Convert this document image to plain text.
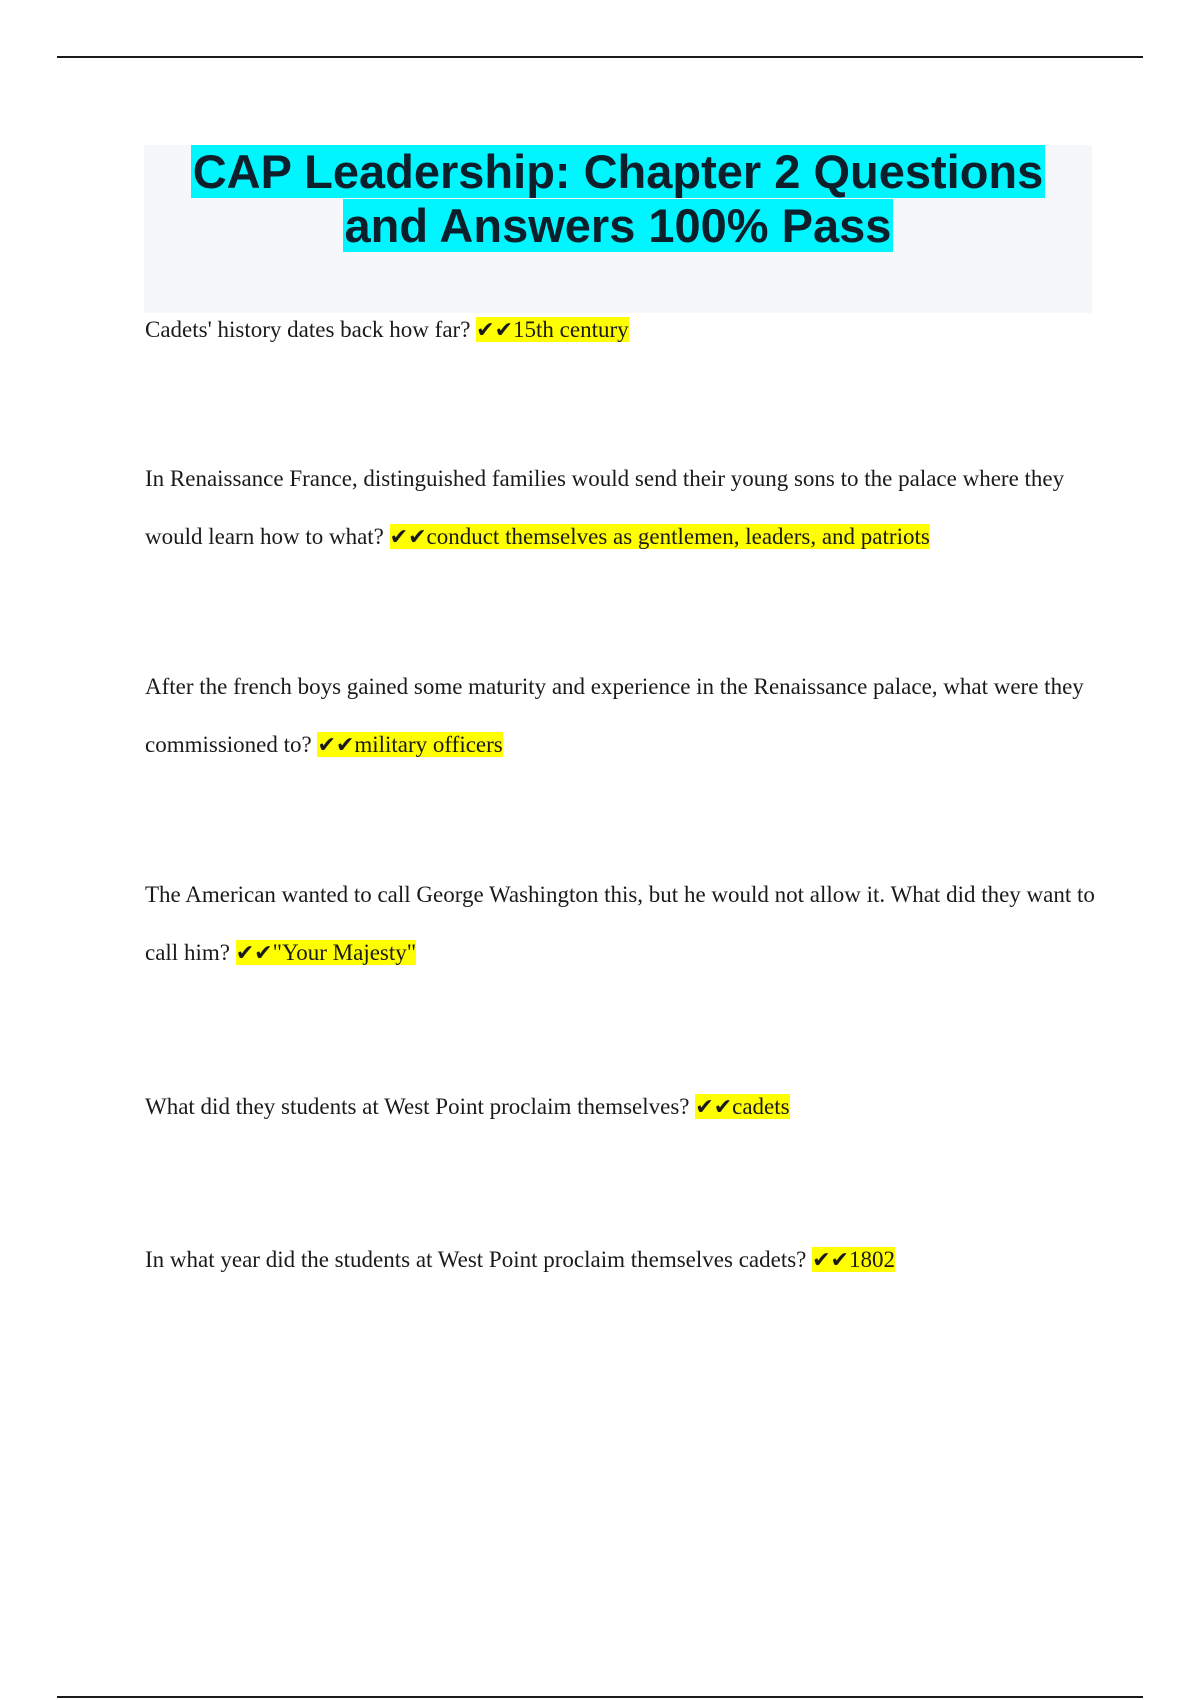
CAP Leadership: Chapter 2 Questions
and Answers 100% Pass

Cadets' history dates back how far? ✔✔15th century

In Renaissance France, distinguished families would send their young sons to the palace where they would learn how to what? ✔✔conduct themselves as gentlemen, leaders, and patriots

After the french boys gained some maturity and experience in the Renaissance palace, what were they commissioned to? ✔✔military officers

The American wanted to call George Washington this, but he would not allow it. What did they want to call him? ✔✔"Your Majesty"

What did they students at West Point proclaim themselves? ✔✔cadets

In what year did the students at West Point proclaim themselves cadets? ✔✔1802
